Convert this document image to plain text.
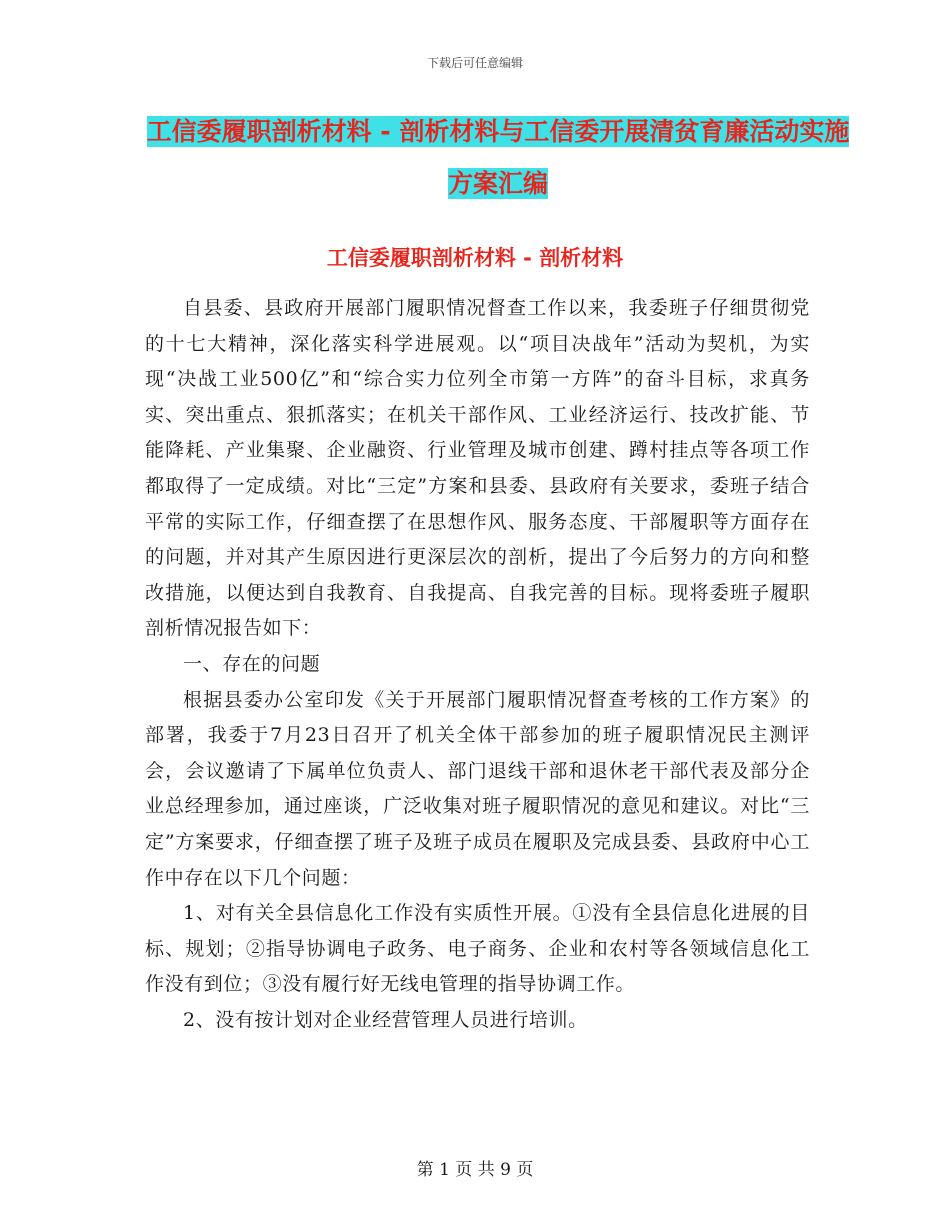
下载后可任意编辑
工信委履职剖析材料 - 剖析材料与工信委开展清贫育廉活动实施方案汇编
工信委履职剖析材料 - 剖析材料

自县委、县政府开展部门履职情况督查工作以来，我委班子仔细贯彻党的十七大精神，深化落实科学进展观。以“项目决战年”活动为契机，为实现“决战工业500亿”和“综合实力位列全市第一方阵”的奋斗目标，求真务实、突出重点、狠抓落实；在机关干部作风、工业经济运行、技改扩能、节能降耗、产业集聚、企业融资、行业管理及城市创建、蹲村挂点等各项工作都取得了一定成绩。对比“三定”方案和县委、县政府有关要求，委班子结合平常的实际工作，仔细查摆了在思想作风、服务态度、干部履职等方面存在的问题，并对其产生原因进行更深层次的剖析，提出了今后努力的方向和整改措施，以便达到自我教育、自我提高、自我完善的目标。现将委班子履职剖析情况报告如下：

一、存在的问题

根据县委办公室印发《关于开展部门履职情况督查考核的工作方案》的部署，我委于7月23日召开了机关全体干部参加的班子履职情况民主测评会，会议邀请了下属单位负责人、部门退线干部和退休老干部代表及部分企业总经理参加，通过座谈，广泛收集对班子履职情况的意见和建议。对比“三定”方案要求，仔细查摆了班子及班子成员在履职及完成县委、县政府中心工作中存在以下几个问题：

1、对有关全县信息化工作没有实质性开展。①没有全县信息化进展的目标、规划；②指导协调电子政务、电子商务、企业和农村等各领域信息化工作没有到位；③没有履行好无线电管理的指导协调工作。

2、没有按计划对企业经营管理人员进行培训。

第 1 页 共 9 页
